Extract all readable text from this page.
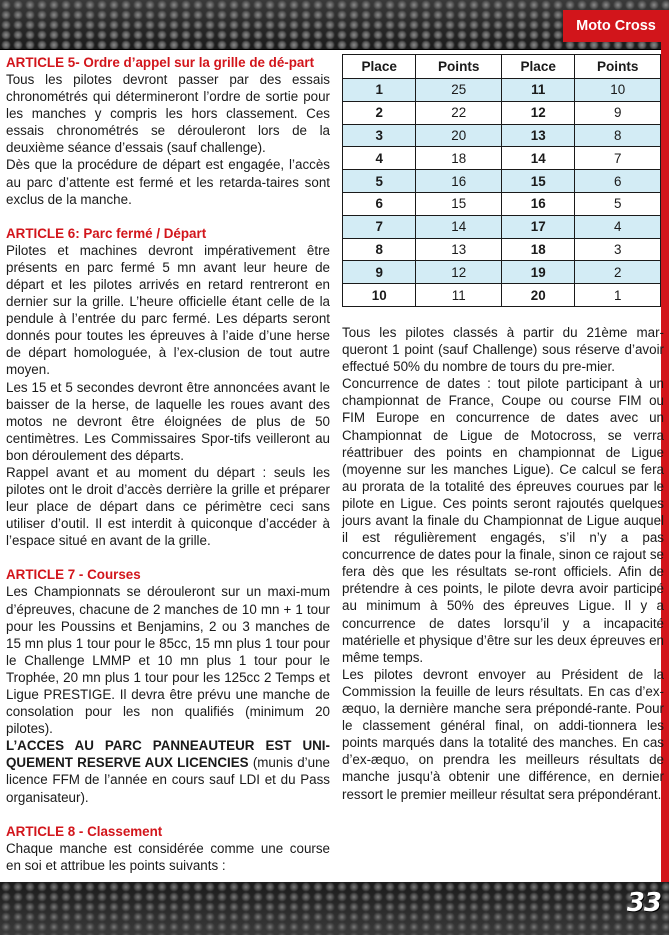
Moto Cross
ARTICLE 5- Ordre d’appel sur la grille de dé-part

Tous les pilotes devront passer par des essais chronométrés qui détermineront l’ordre de sortie pour les manches y compris les hors classement. Ces essais chronométrés se dérouleront lors de la deuxième séance d’essais (sauf challenge).

Dès que la procédure de départ est engagée, l’accès au parc d’attente est fermé et les retarda-taires sont exclus de la manche.

ARTICLE 6: Parc fermé / Départ

Pilotes et machines devront impérativement être présents en parc fermé 5 mn avant leur heure de départ et les pilotes arrivés en retard rentreront en dernier sur la grille. L’heure officielle étant celle de la pendule à l’entrée du parc fermé. Les départs seront donnés pour toutes les épreuves à l’aide d’une herse de départ homologuée, à l’ex-clusion de tout autre moyen.

Les 15 et 5 secondes devront être annoncées avant le baisser de la herse, de laquelle les roues avant des motos ne devront être éloignées de plus de 50 centimètres. Les Commissaires Spor-tifs veilleront au bon déroulement des départs.

Rappel avant et au moment du départ : seuls les pilotes ont le droit d’accès derrière la grille et préparer leur place de départ dans ce périmètre ceci sans utiliser d’outil. Il est interdit à quiconque d’accéder à l’espace situé en avant de la grille.

ARTICLE 7 - Courses

Les Championnats se dérouleront sur un maxi-mum d’épreuves, chacune de 2 manches de 10 mn + 1 tour pour les Poussins et Benjamins, 2 ou 3 manches de 15 mn plus 1 tour pour le 85cc, 15 mn plus 1 tour pour le Challenge LMMP et 10 mn plus 1 tour pour le Trophée, 20 mn plus 1 tour pour les 125cc 2 Temps et Ligue PRESTIGE. Il devra être prévu une manche de consolation pour les non qualifiés (minimum 20 pilotes).

L’ACCES AU PARC PANNEAUTEUR EST UNI-QUEMENT RESERVE AUX LICENCIES (munis d’une licence FFM de l’année en cours sauf LDI et du Pass organisateur).

ARTICLE 8 - Classement

Chaque manche est considérée comme une course en soi et attribue les points suivants :

Place	Points	Place	Points
1	25	11	10
2	22	12	9
3	20	13	8
4	18	14	7
5	16	15	6
6	15	16	5
7	14	17	4
8	13	18	3
9	12	19	2
10	11	20	1

Tous les pilotes classés à partir du 21ème mar-queront 1 point (sauf Challenge) sous réserve d’avoir effectué 50% du nombre de tours du pre-mier.

Concurrence de dates : tout pilote participant à un championnat de France, Coupe ou course FIM ou FIM Europe en concurrence de dates avec un Championnat de Ligue de Motocross, se verra réattribuer des points en championnat de Ligue (moyenne sur les manches Ligue). Ce calcul se fera au prorata de la totalité des épreuves courues par le pilote en Ligue. Ces points seront rajoutés quelques jours avant la finale du Championnat de Ligue auquel il est régulièrement engagés, s’il n’y a pas concurrence de dates pour la finale, sinon ce rajout se fera dès que les résultats se-ront officiels. Afin de prétendre à ces points, le pilote devra avoir participé au minimum à 50% des épreuves Ligue. Il y a concurrence de dates lorsqu’il y a incapacité matérielle et physique d’être sur les deux épreuves en même temps.

Les pilotes devront envoyer au Président de la Commission la feuille de leurs résultats. En cas d’ex-æquo, la dernière manche sera prépondé-rante. Pour le classement général final, on addi-tionnera les points marqués dans la totalité des manches. En cas d’ex-æquo, on prendra les meilleurs résultats de manche jusqu’à obtenir une différence, en dernier ressort le premier meilleur résultat sera prépondérant.

33
